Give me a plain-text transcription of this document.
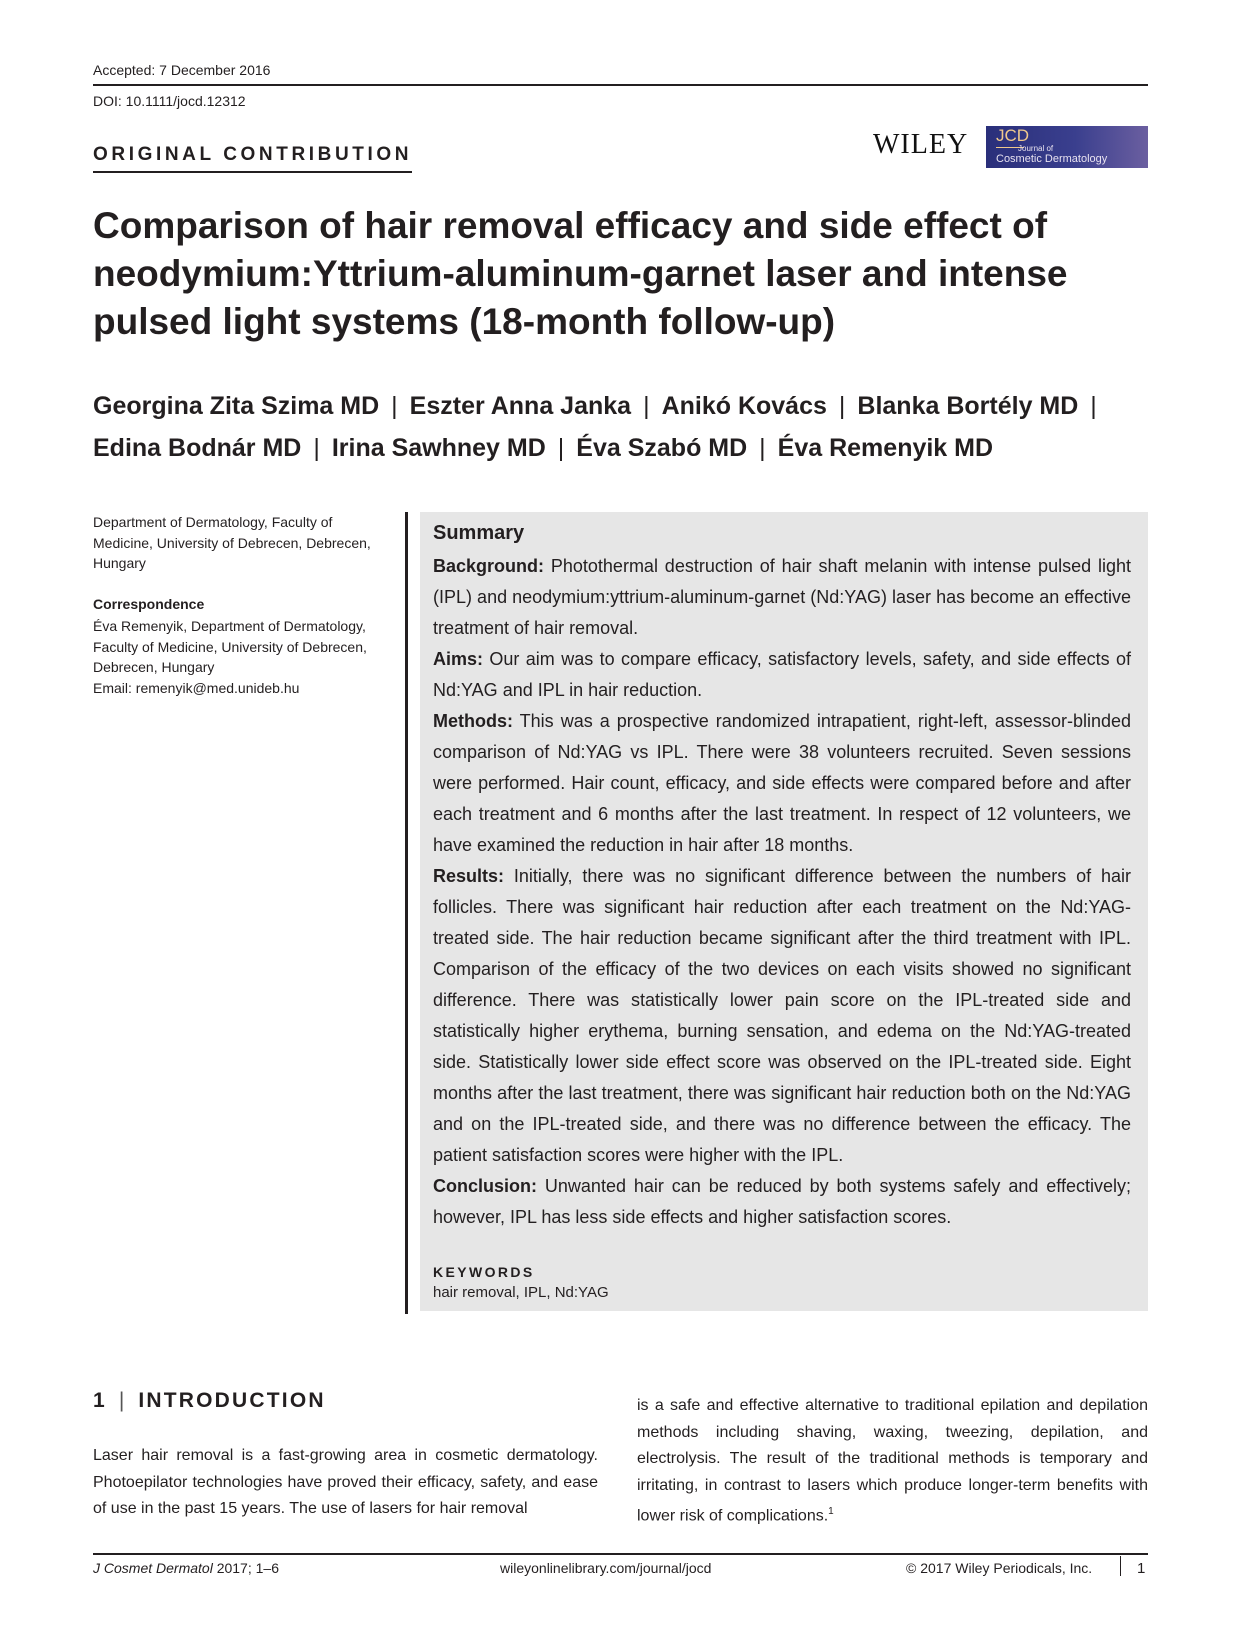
Accepted: 7 December 2016
DOI: 10.1111/jocd.12312
ORIGINAL CONTRIBUTION	WILEY JCD
Journal of
Cosmetic Dermatology
Comparison of hair removal efficacy and side effect of neodymium:Yttrium-aluminum-garnet laser and intense pulsed light systems (18-month follow-up)
Georgina Zita Szima MD | Eszter Anna Janka | Anikó Kovács | Blanka Bortély MD |
Edina Bodnár MD | Irina Sawhney MD | Éva Szabó MD | Éva Remenyik MD
Department of Dermatology, Faculty of Medicine, University of Debrecen, Debrecen, Hungary
Correspondence
Éva Remenyik, Department of Dermatology, Faculty of Medicine, University of Debrecen, Debrecen, Hungary
Email: remenyik@med.unideb.hu
Summary

Background: Photothermal destruction of hair shaft melanin with intense pulsed light (IPL) and neodymium:yttrium-aluminum-garnet (Nd:YAG) laser has become an effective treatment of hair removal.

Aims: Our aim was to compare efficacy, satisfactory levels, safety, and side effects of Nd:YAG and IPL in hair reduction.

Methods: This was a prospective randomized intrapatient, right-left, assessor-blinded comparison of Nd:YAG vs IPL. There were 38 volunteers recruited. Seven sessions were performed. Hair count, efficacy, and side effects were compared before and after each treatment and 6 months after the last treatment. In respect of 12 volunteers, we have examined the reduction in hair after 18 months.

Results: Initially, there was no significant difference between the numbers of hair follicles. There was significant hair reduction after each treatment on the Nd:YAG-treated side. The hair reduction became significant after the third treatment with IPL. Comparison of the efficacy of the two devices on each visits showed no significant difference. There was statistically lower pain score on the IPL-treated side and statistically higher erythema, burning sensation, and edema on the Nd:YAG-treated side. Statistically lower side effect score was observed on the IPL-treated side. Eight months after the last treatment, there was significant hair reduction both on the Nd:YAG and on the IPL-treated side, and there was no difference between the efficacy. The patient satisfaction scores were higher with the IPL.

Conclusion: Unwanted hair can be reduced by both systems safely and effectively; however, IPL has less side effects and higher satisfaction scores.

KEYWORDS
hair removal, IPL, Nd:YAG
1 | INTRODUCTION
Laser hair removal is a fast-growing area in cosmetic dermatology. Photoepilator technologies have proved their efficacy, safety, and ease of use in the past 15 years. The use of lasers for hair removal
is a safe and effective alternative to traditional epilation and depilation methods including shaving, waxing, tweezing, depilation, and electrolysis. The result of the traditional methods is temporary and irritating, in contrast to lasers which produce longer-term benefits with lower risk of complications.$^1$
J Cosmet Dermatol 2017; 1–6	wileyonlinelibrary.com/journal/jocd	© 2017 Wiley Periodicals, Inc.	1
